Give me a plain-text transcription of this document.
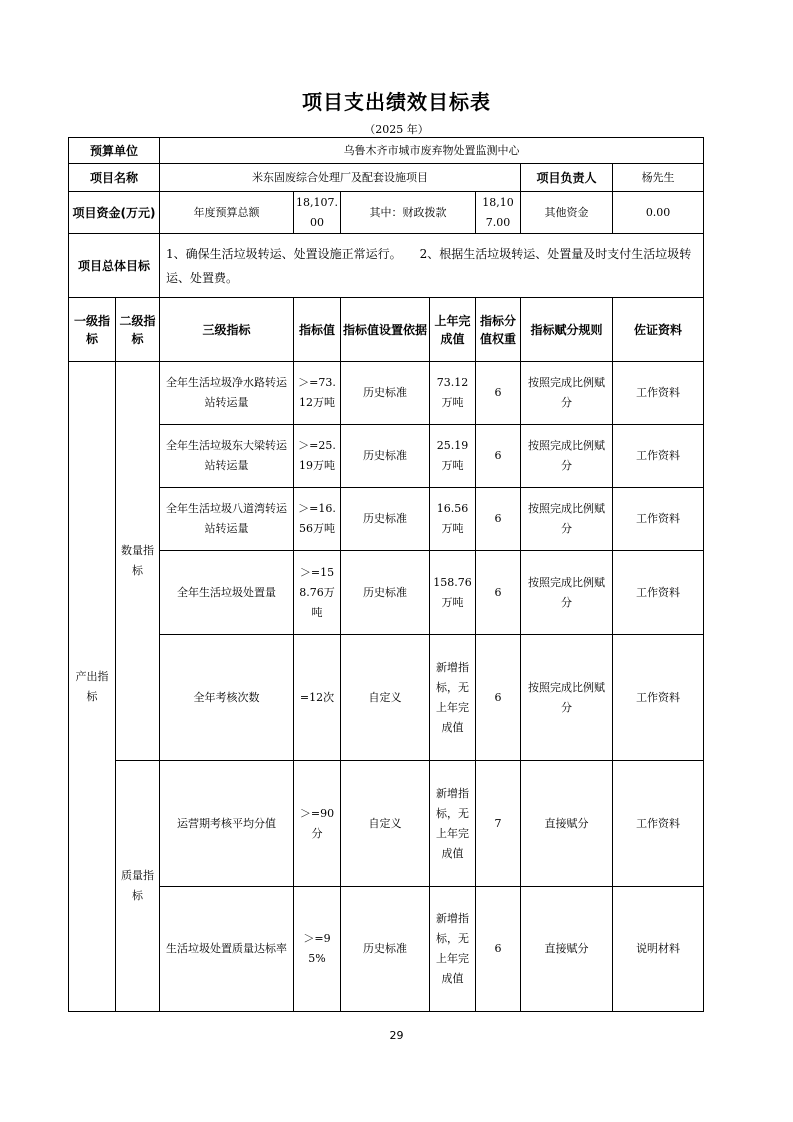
项目支出绩效目标表
（2025 年）
预算单位		乌鲁木齐市城市废弃物处置监测中心						
项目名称		米东固废综合处理厂及配套设施项目					项目负责人	杨先生
项目资金(万元)		年度预算总额	18,107.00	其中：财政拨款		18,107.00	其他资金	0.00
项目总体目标		1、确保生活垃圾转运、处置设施正常运行。　　2、根据生活垃圾转运、处置量及时支付生活垃圾转运、处置费。						
一级指标	二级指标	三级指标	指标值	指标值设置依据	上年完成值	指标分值权重	指标赋分规则	佐证资料
产出指标	数量指标	全年生活垃圾净水路转运站转运量	＞=73.12万吨	历史标准	73.12万吨	6	按照完成比例赋分	工作资料
		全年生活垃圾东大梁转运站转运量	＞=25.19万吨	历史标准	25.19万吨	6	按照完成比例赋分	工作资料
		全年生活垃圾八道湾转运站转运量	＞=16.56万吨	历史标准	16.56万吨	6	按照完成比例赋分	工作资料
		全年生活垃圾处置量	＞=158.76万吨	历史标准	158.76万吨	6	按照完成比例赋分	工作资料
		全年考核次数	=12次	自定义	新增指标，无上年完成值	6	按照完成比例赋分	工作资料
	质量指标	运营期考核平均分值	＞=90分	自定义	新增指标，无上年完成值	7	直接赋分	工作资料
		生活垃圾处置质量达标率	＞=95%	历史标准	新增指标，无上年完成值	6	直接赋分	说明材料
29
